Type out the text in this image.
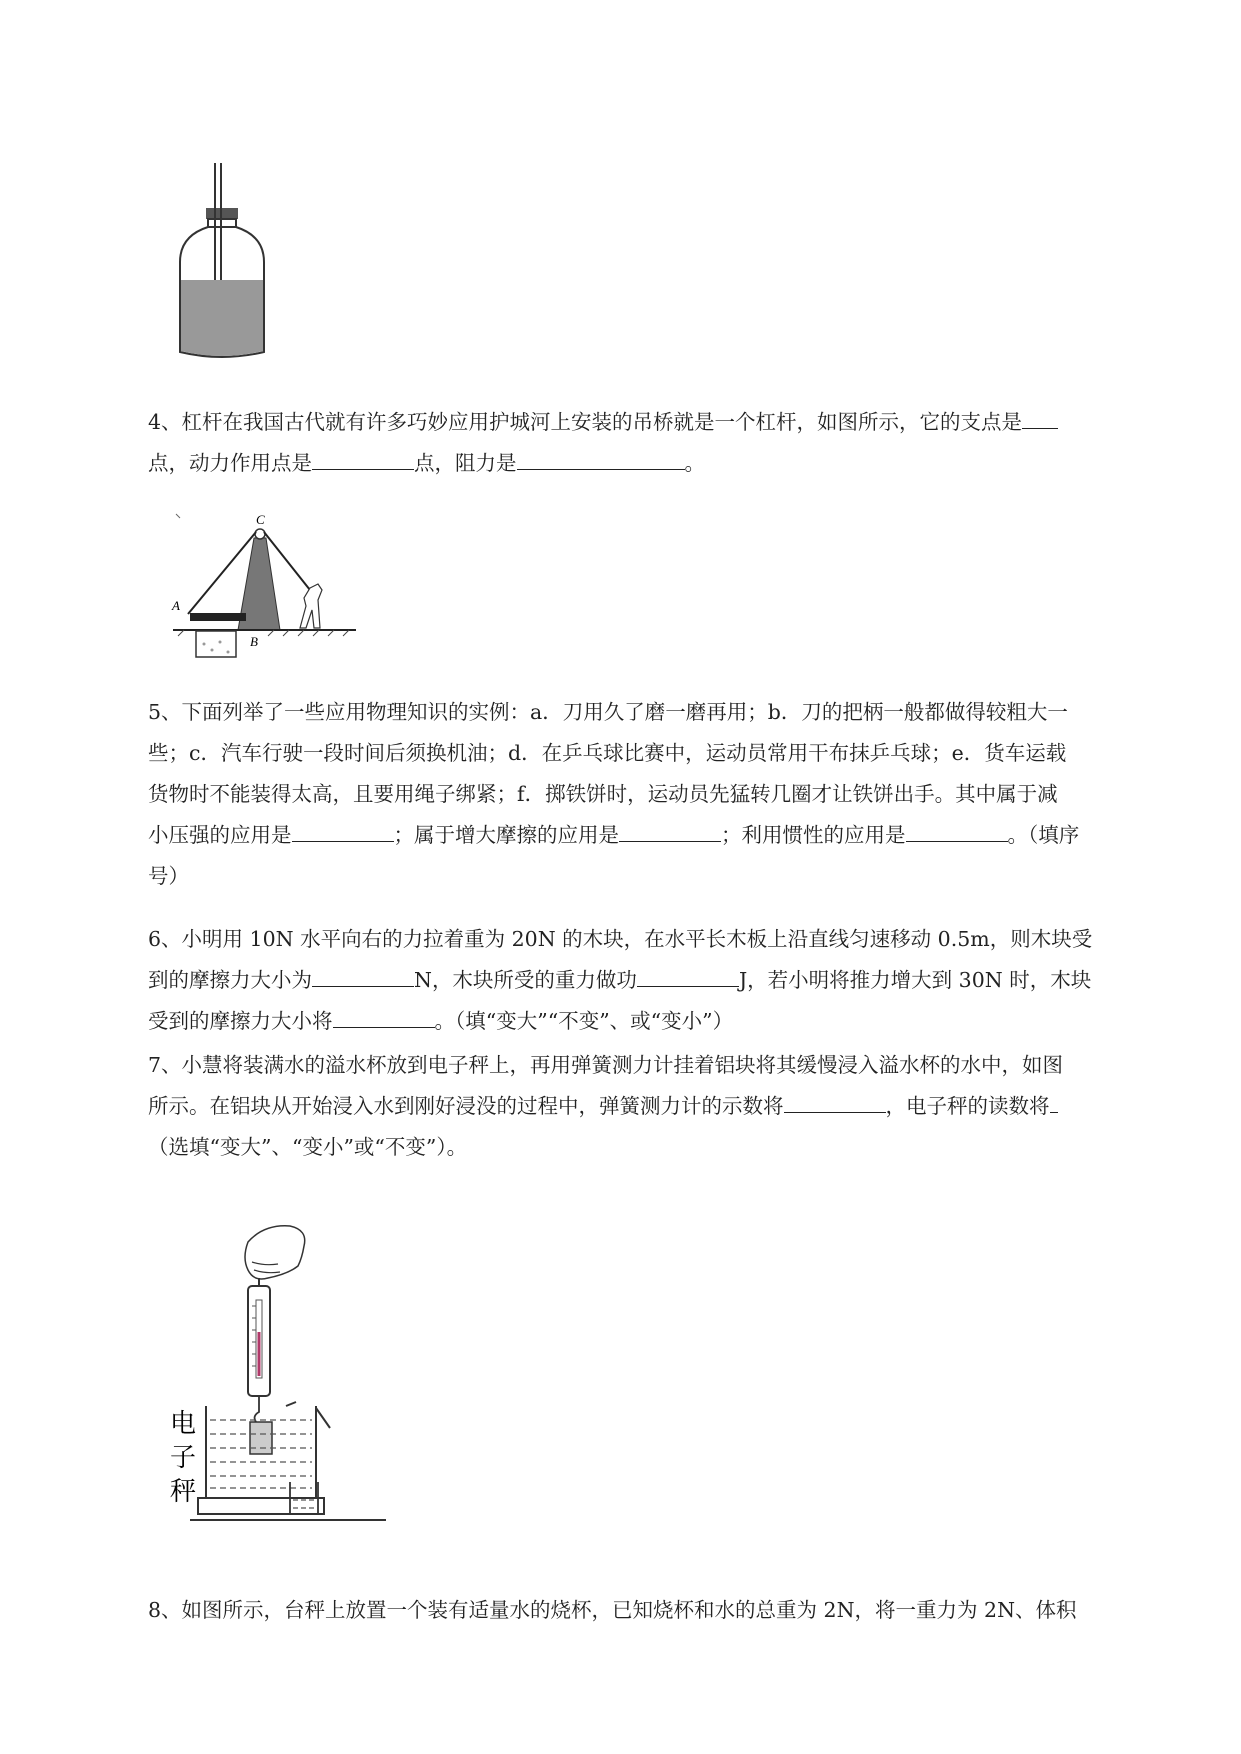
4、杠杆在我国古代就有许多巧妙应用护城河上安装的吊桥就是一个杠杆，如图所示，它的支点是

点，动力作用点是	点，阻力是	。

C
A
B

5、下面列举了一些应用物理知识的实例：a．刀用久了磨一磨再用；b．刀的把柄一般都做得较粗大一

些；c．汽车行驶一段时间后须换机油；d．在乒乓球比赛中，运动员常用干布抹乒乓球；e．货车运载

货物时不能装得太高，且要用绳子绑紧；f．掷铁饼时，运动员先猛转几圈才让铁饼出手。其中属于减

小压强的应用是	；属于增大摩擦的应用是	；利用惯性的应用是	。（填序

号）

6、小明用 10N 水平向右的力拉着重为 20N 的木块，在水平长木板上沿直线匀速移动 0.5m，则木块受

到的摩擦力大小为	N，木块所受的重力做功	J，若小明将推力增大到 30N 时，木块

受到的摩擦力大小将	。（填“变大”“不变”、或“变小”）

7、小慧将装满水的溢水杯放到电子秤上，再用弹簧测力计挂着铝块将其缓慢浸入溢水杯的水中，如图

所示。在铝块从开始浸入水到刚好浸没的过程中，弹簧测力计的示数将	，电子秤的读数将

（选填“变大”、“变小”或“不变”）。

电
子
秤

8、如图所示，台秤上放置一个装有适量水的烧杯，已知烧杯和水的总重为 2N，将一重力为 2N、体积
